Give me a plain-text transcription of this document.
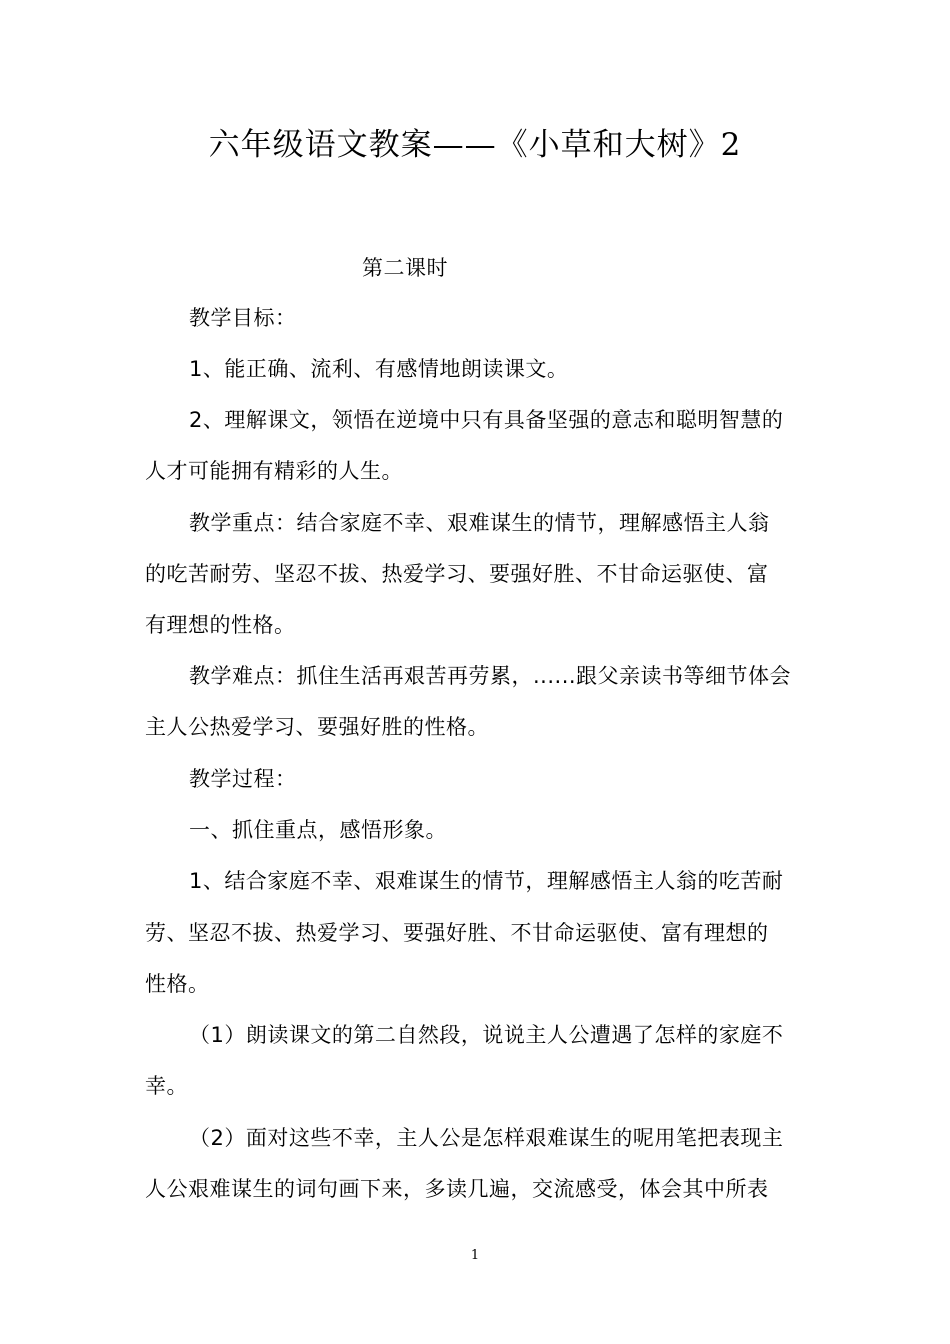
六年级语文教案——《小草和大树》2
第二课时
教学目标：
1、能正确、流利、有感情地朗读课文。
2、理解课文，领悟在逆境中只有具备坚强的意志和聪明智慧的
人才可能拥有精彩的人生。
教学重点：结合家庭不幸、艰难谋生的情节，理解感悟主人翁
的吃苦耐劳、坚忍不拔、热爱学习、要强好胜、不甘命运驱使、富
有理想的性格。
教学难点：抓住生活再艰苦再劳累，......跟父亲读书等细节体会
主人公热爱学习、要强好胜的性格。
教学过程：
一、抓住重点，感悟形象。
1、结合家庭不幸、艰难谋生的情节，理解感悟主人翁的吃苦耐
劳、坚忍不拔、热爱学习、要强好胜、不甘命运驱使、富有理想的
性格。
（1）朗读课文的第二自然段，说说主人公遭遇了怎样的家庭不
幸。
（2）面对这些不幸，主人公是怎样艰难谋生的呢用笔把表现主
人公艰难谋生的词句画下来，多读几遍，交流感受，体会其中所表
1
